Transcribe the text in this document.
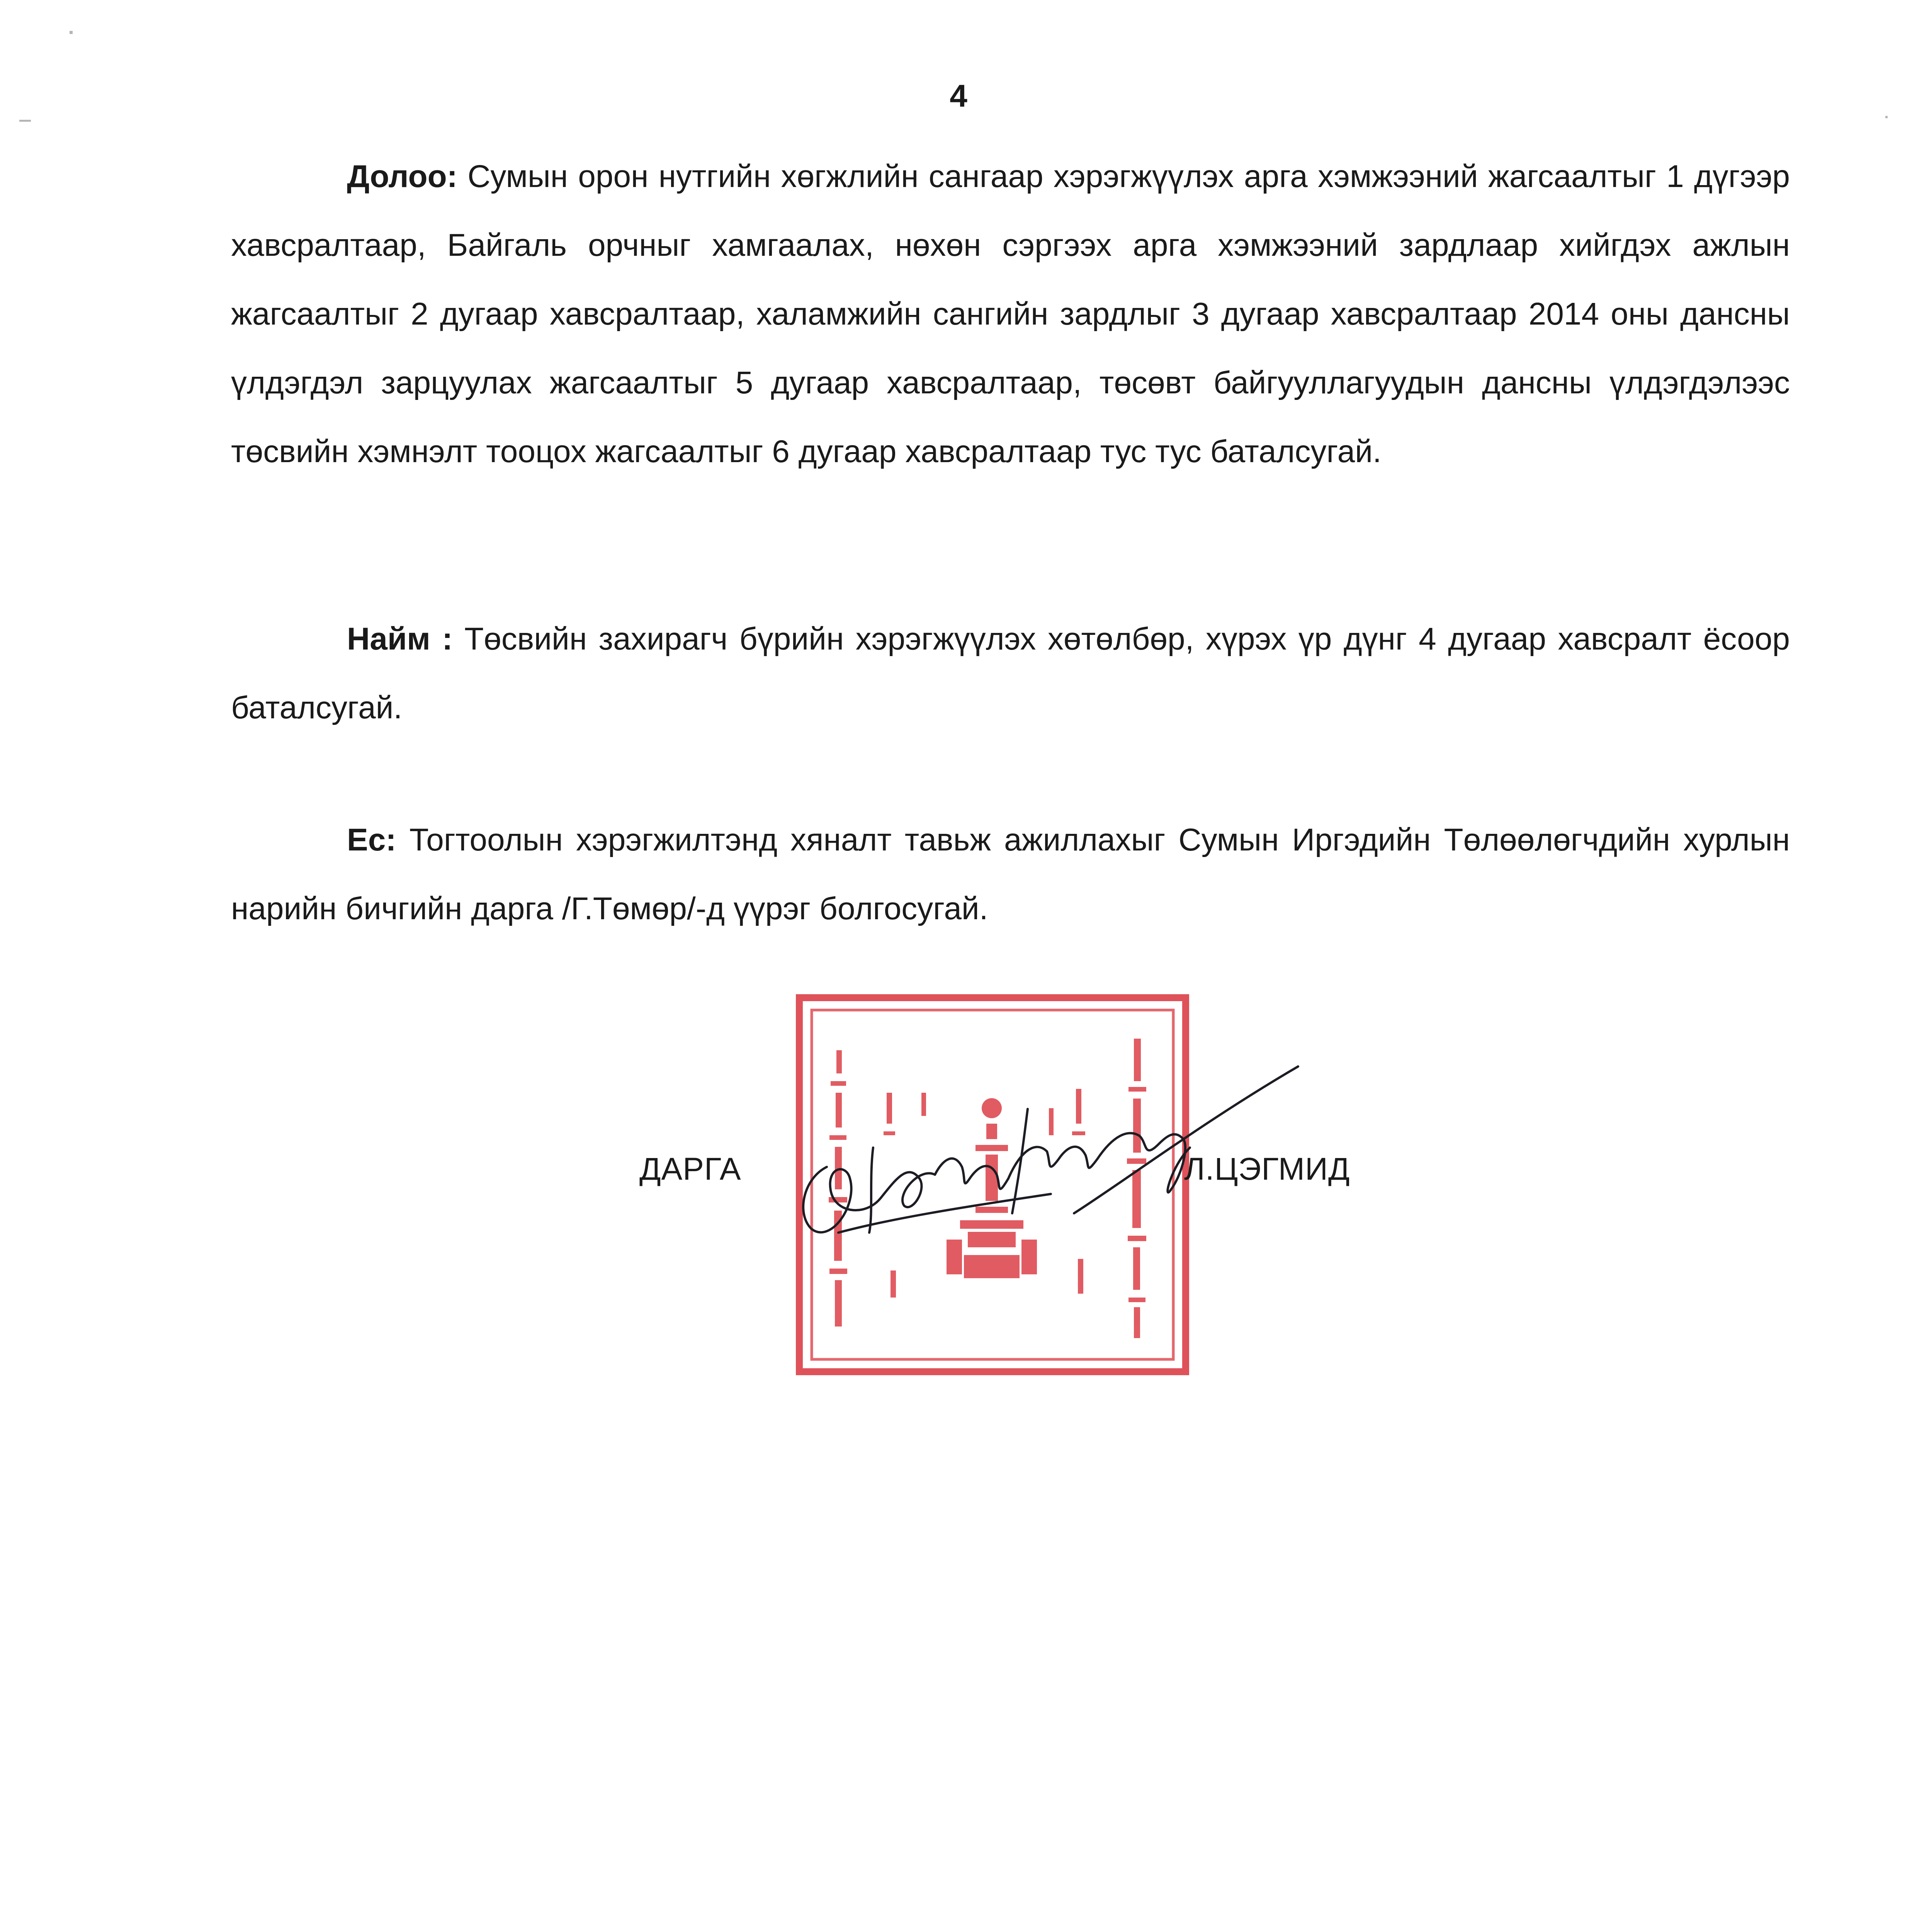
4
Долоо: Сумын орон нутгийн хөгжлийн сангаар хэрэгжүүлэх арга хэмжээний жагсаалтыг 1 дүгээр хавсралтаар, Байгаль орчныг хамгаалах, нөхөн сэргээх арга хэмжээний зардлаар хийгдэх ажлын жагсаалтыг 2 дугаар хавсралтаар, халамжийн сангийн зардлыг 3 дугаар хавсралтаар 2014 оны дансны үлдэгдэл зарцуулах жагсаалтыг 5 дугаар хавсралтаар, төсөвт байгууллагуудын дансны үлдэгдэлээс төсвийн хэмнэлт тооцох жагсаалтыг 6 дугаар хавсралтаар тус тус баталсугай.
Найм : Төсвийн захирагч бүрийн хэрэгжүүлэх хөтөлбөр, хүрэх үр дүнг 4 дугаар хавсралт ёсоор баталсугай.
Ес: Тогтоолын хэрэгжилтэнд хяналт тавьж ажиллахыг Сумын Иргэдийн Төлөөлөгчдийн хурлын нарийн бичгийн дарга /Г.Төмөр/-д үүрэг болгосугай.
ДАРГА	Л.ЦЭГМИД
